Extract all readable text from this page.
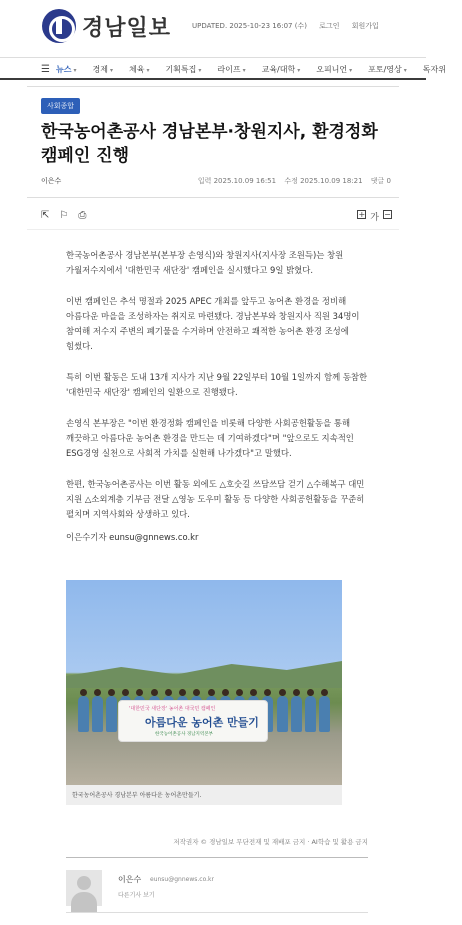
경남일보	UPDATED. 2025-10-23 16:07 (수) 로그인 회원가입
☰ 뉴스 ▾ 경제 ▾ 체육 ▾ 기획특집 ▾ 라이프 ▾ 교육/대학 ▾ 오피니언 ▾ 포토/영상 ▾ 독자위
사회종합
한국농어촌공사 경남본부·창원지사, 환경정화 캠페인 진행
이은수	입력 2025.10.09 16:51 수정 2025.10.09 18:21 댓글 0
⇱ ⚐ ⎙	+ 가 −

한국농어촌공사 경남본부(본부장 손영식)와 창원지사(지사장 조원득)는 창원 가월저수지에서 '대한민국 새단장' 캠페인을 실시했다고 9일 밝혔다.

이번 캠페인은 추석 명절과 2025 APEC 개최를 앞두고 농어촌 환경을 정비해 아름다운 마을을 조성하자는 취지로 마련됐다. 경남본부와 창원지사 직원 34명이 참여해 저수지 주변의 폐기물을 수거하며 안전하고 쾌적한 농어촌 환경 조성에 힘썼다.

특히 이번 활동은 도내 13개 지사가 지난 9월 22일부터 10월 1일까지 함께 동참한 '대한민국 새단장' 캠페인의 일환으로 진행됐다.

손영식 본부장은 "이번 환경정화 캠페인을 비롯해 다양한 사회공헌활동을 통해 깨끗하고 아름다운 농어촌 환경을 만드는 데 기여하겠다"며 "앞으로도 지속적인 ESG경영 실천으로 사회적 가치를 실현해 나가겠다"고 말했다.

한편, 한국농어촌공사는 이번 활동 외에도 △호숫길 쓰담쓰담 걷기 △수해복구 대민 지원 △소외계층 기부금 전달 △영농 도우미 활동 등 다양한 사회공헌활동을 꾸준히 펼치며 지역사회와 상생하고 있다.

이은수기자 eunsu@gnnews.co.kr

'대한민국 새단장' 농어촌 대국민 캠페인
아름다운 농어촌 만들기
한국농어촌공사 경남지역본부
한국농어촌공사 경남본부 아름다운 농어촌만들기.
저작권자 © 경남일보 무단전재 및 재배포 금지 · AI학습 및 활용 금지
이은수 eunsu@gnnews.co.kr
다른기사 보기
